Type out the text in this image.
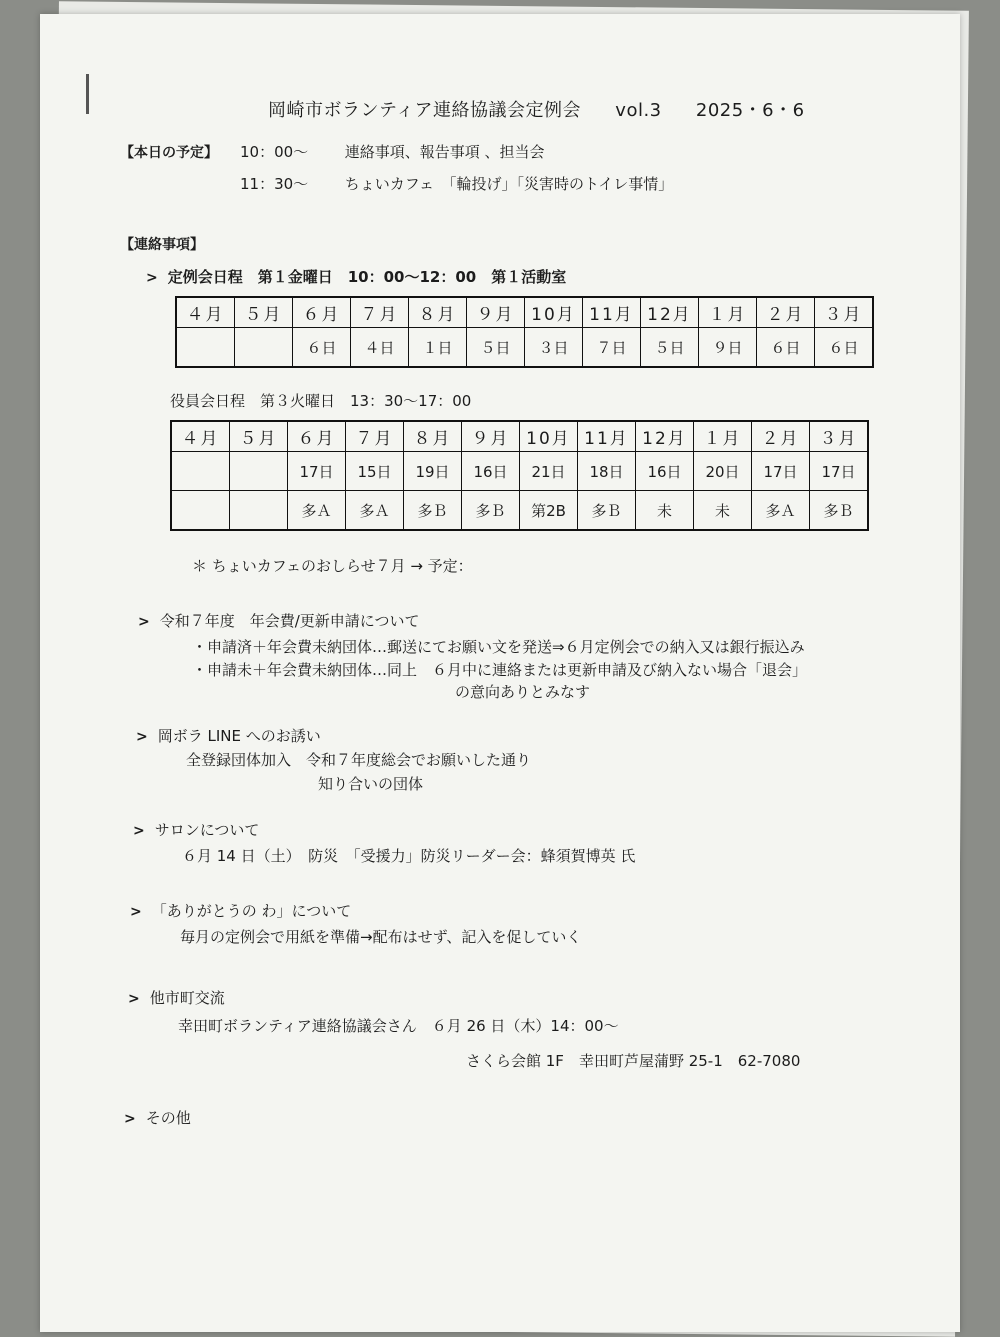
岡崎市ボランティア連絡協議会定例会 vol.3 2025・6・6
【本日の予定】 10：00～ 連絡事項、報告事項 、担当会
11：30～ ちょいカフェ　「輪投げ」「災害時のトイレ事情」
【連絡事項】
> 定例会日程　第１金曜日　10：00～12：00　第１活動室
４月	５月	６月	７月	８月	９月	10月	11月	12月	１月	２月	３月
		６日	４日	１日	５日	３日	７日	５日	９日	６日	６日
役員会日程　第３火曜日　13：30～17：00
４月	５月	６月	７月	８月	９月	10月	11月	12月	１月	２月	３月
		17日	15日	19日	16日	21日	18日	16日	20日	17日	17日
		多Ａ	多Ａ	多Ｂ	多Ｂ	第2B	多Ｂ	未	未	多Ａ	多Ｂ
＊ ちょいカフェのおしらせ７月 → 予定：
> 令和７年度　年会費/更新申請について
・申請済＋年会費未納団体…郵送にてお願い文を発送⇒６月定例会での納入又は銀行振込み
・申請未＋年会費未納団体…同上　６月中に連絡または更新申請及び納入ない場合「退会」
の意向ありとみなす
> 岡ボラ LINE へのお誘い
全登録団体加入　令和７年度総会でお願いした通り
知り合いの団体
> サロンについて
６月 14 日（土）　防災　「受援力」防災リーダー会：蜂須賀博英 氏
> 「ありがとうの わ」について
毎月の定例会で用紙を準備→配布はせず、記入を促していく
> 他市町交流
幸田町ボランティア連絡協議会さん　６月 26 日（木）14：00～
さくら会館 1F　幸田町芦屋蒲野 25-1　62-7080
> その他
